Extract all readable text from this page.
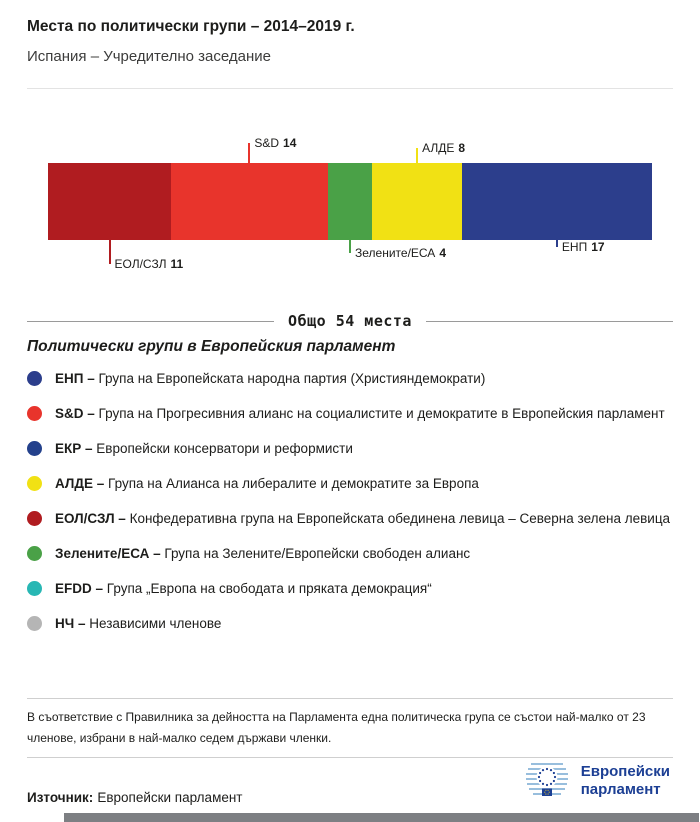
Места по политически групи – 2014–2019 г.
Испания – Учредително заседание
ЕОЛ/СЗЛ 11
S&D 14
Зелените/ЕСА 4
АЛДЕ 8
ЕНП 17
Общо 54 места
Политически групи в Европейския парламент

ЕНП – Група на Европейската народна партия (Християндемократи)

S&D – Група на Прогресивния алианс на социалистите и демократите в Европейския парламент

ЕКР – Европейски консерватори и реформисти

АЛДЕ – Група на Алианса на либералите и демократите за Европа

ЕОЛ/СЗЛ – Конфедеративна група на Европейската обединена левица – Северна зелена левица

Зелените/ЕСА – Група на Зелените/Европейски свободен алианс

EFDD – Група „Европа на свободата и пряката демокрация“

НЧ – Независими членове

В съответствие с Правилника за дейността на Парламента една политическа група се състои най-малко от 23 членове, избрани в най-малко седем държави членки.

Източник: Европейски парламент
Европейски
парламент
